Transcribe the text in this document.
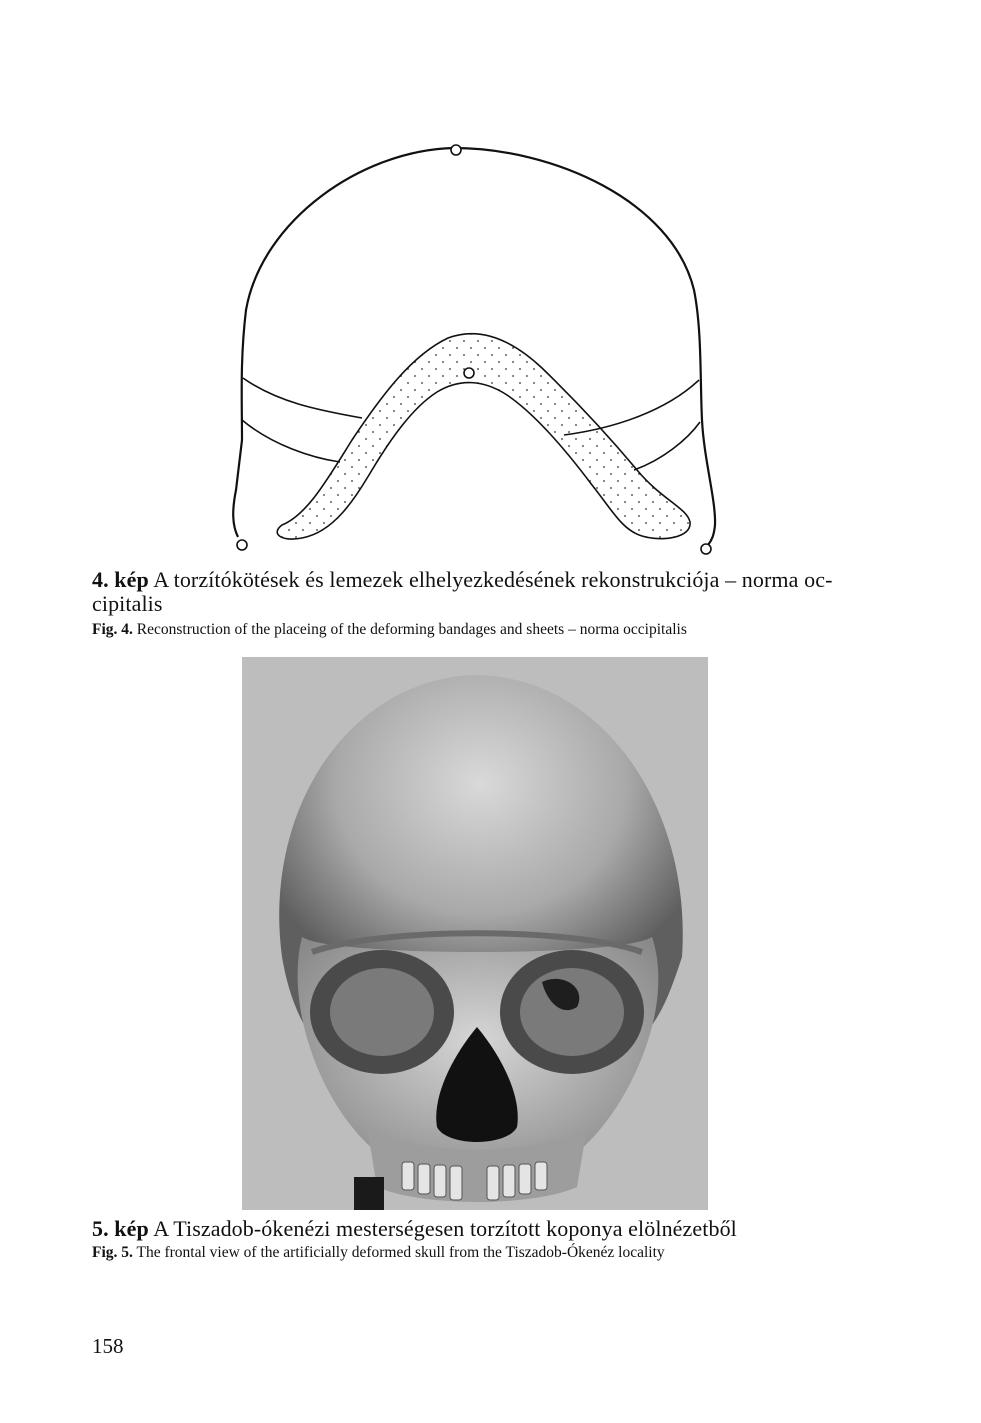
4. kép A torzítókötések és lemezek elhelyezkedésének rekonstrukciója – norma occipitalis

Fig. 4. Reconstruction of the placeing of the deforming bandages and sheets – norma occipitalis

5. kép A Tiszadob-ókenézi mesterségesen torzított koponya elölnézetből

Fig. 5. The frontal view of the artificially deformed skull from the Tiszadob-Ókenéz locality

158
